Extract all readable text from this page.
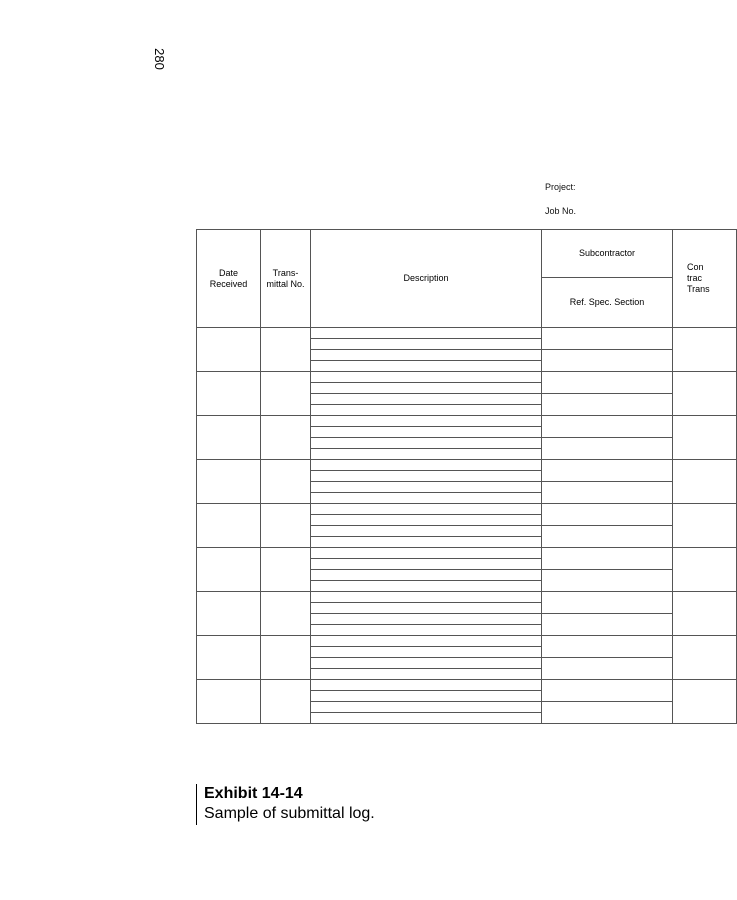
280
Project:
Job No.
Date Received	Trans- mittal No.	Description	Subcontractor	Con trac Trans

			Ref. Spec. Section	

Exhibit 14-14
Sample of submittal log.
